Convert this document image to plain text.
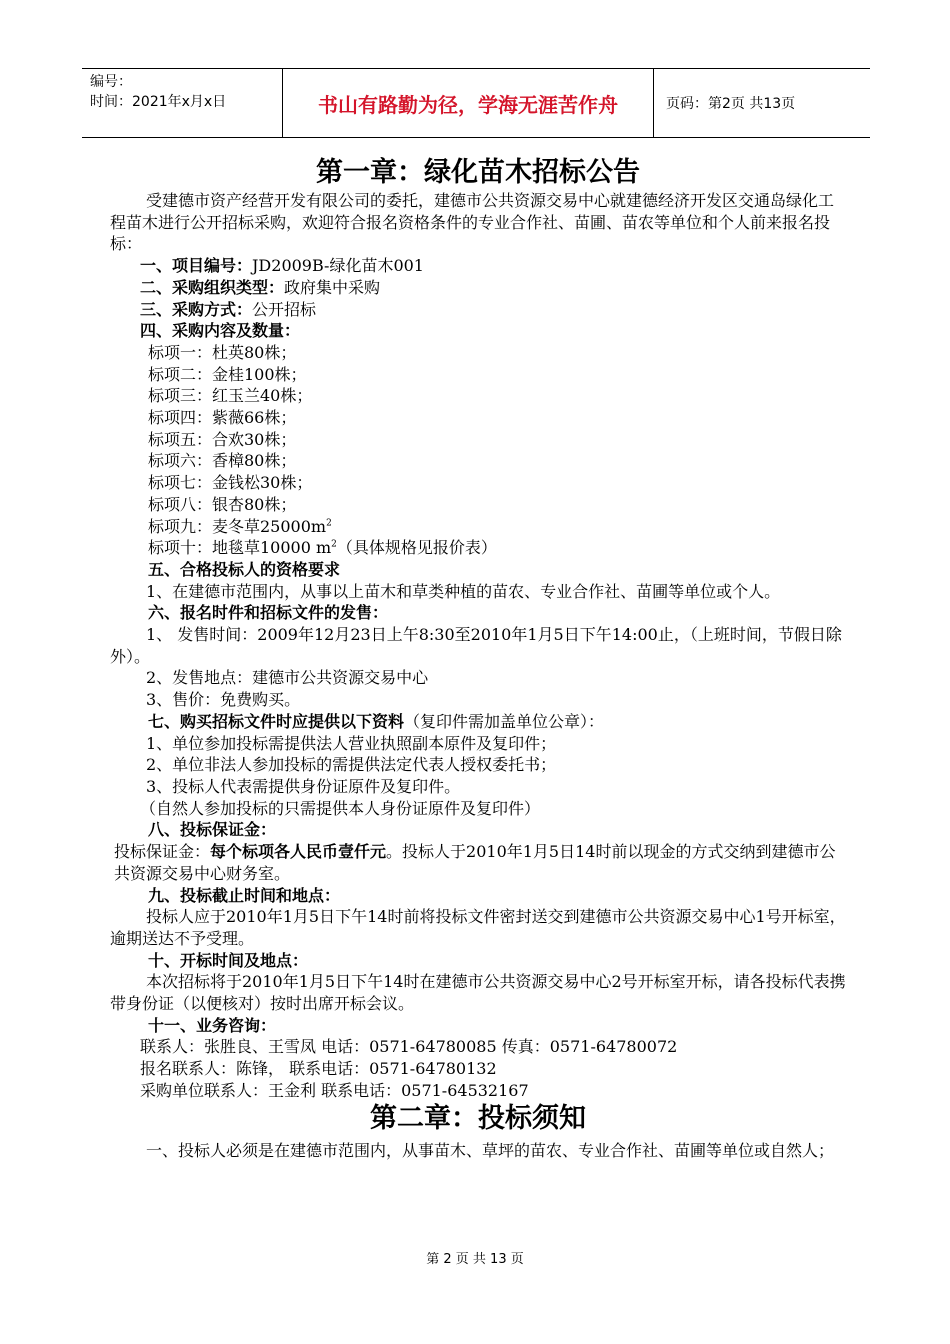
编号：
时间：2021年x月x日	书山有路勤为径，学海无涯苦作舟	页码：第2页 共13页
第一章：绿化苗木招标公告

受建德市资产经营开发有限公司的委托，建德市公共资源交易中心就建德经济开发区交通岛绿化工程苗木进行公开招标采购，欢迎符合报名资格条件的专业合作社、苗圃、苗农等单位和个人前来报名投标：

一、项目编号：JD2009B-绿化苗木001

二、采购组织类型：政府集中采购

三、采购方式：公开招标

四、采购内容及数量：

标项一：杜英80株；

标项二：金桂100株；

标项三：红玉兰40株；

标项四：紫薇66株；

标项五：合欢30株；

标项六：香樟80株；

标项七：金钱松30株；

标项八：银杏80株；

标项九：麦冬草$25000m^2$

标项十：地毯草10000 $m^2$（具体规格见报价表）

五、合格投标人的资格要求

1、在建德市范围内，从事以上苗木和草类种植的苗农、专业合作社、苗圃等单位或个人。

六、报名时件和招标文件的发售：

1、 发售时间：2009年12月23日上午8:30至2010年1月5日下午14:00止，（上班时间，节假日除外）。

2、发售地点：建德市公共资源交易中心

3、售价：免费购买。

七、购买招标文件时应提供以下资料（复印件需加盖单位公章）：

1、单位参加投标需提供法人营业执照副本原件及复印件；

2、单位非法人参加投标的需提供法定代表人授权委托书；

3、投标人代表需提供身份证原件及复印件。

（自然人参加投标的只需提供本人身份证原件及复印件）

八、投标保证金：

投标保证金：每个标项各人民币壹仟元。投标人于2010年1月5日14时前以现金的方式交纳到建德市公共资源交易中心财务室。

九、投标截止时间和地点：

投标人应于2010年1月5日下午14时前将投标文件密封送交到建德市公共资源交易中心1号开标室，逾期送达不予受理。

十、开标时间及地点：

本次招标将于2010年1月5日下午14时在建德市公共资源交易中心2号开标室开标，请各投标代表携带身份证（以便核对）按时出席开标会议。

十一、业务咨询：

联系人：张胜良、王雪凤 电话：0571-64780085 传真：0571-64780072

报名联系人：陈锋， 联系电话：0571-64780132

采购单位联系人：王金利 联系电话：0571-64532167

第二章：投标须知

一、投标人必须是在建德市范围内，从事苗木、草坪的苗农、专业合作社、苗圃等单位或自然人；

第 2 页 共 13 页
